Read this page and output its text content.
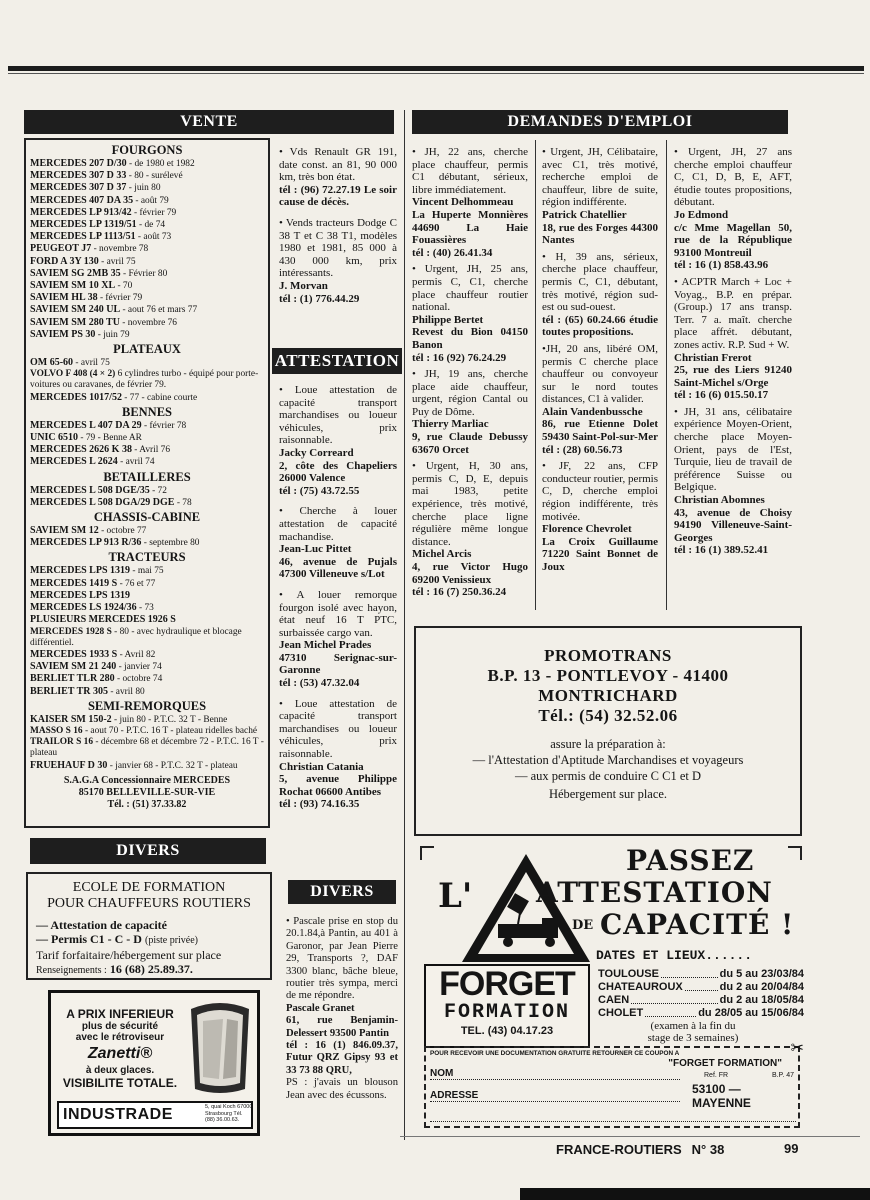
VENTE
FOURGONS
MERCEDES 207 D/30 - de 1980 et 1982
MERCEDES 307 D 33 - 80 - surélevé
MERCEDES 307 D 37 - juin 80
MERCEDES 407 DA 35 - août 79
MERCEDES LP 913/42 - février 79
MERCEDES LP 1319/51 - de 74
MERCEDES LP 1113/51 - août 73
PEUGEOT J7 - novembre 78
FORD A 3Y 130 - avril 75
SAVIEM SG 2MB 35 - Février 80
SAVIEM SM 10 XL - 70
SAVIEM HL 38 - février 79
SAVIEM SM 240 UL - aout 76 et mars 77
SAVIEM SM 280 TU - novembre 76
SAVIEM PS 30 - juin 79
PLATEAUX
OM 65-60 - avril 75
VOLVO F 408 (4 × 2) 6 cylindres turbo - équipé pour porte-voitures ou caravanes, de février 79.
MERCEDES 1017/52 - 77 - cabine courte
BENNES
MERCEDES L 407 DA 29 - février 78
UNIC 6510 - 79 - Benne AR
MERCEDES 2626 K 38 - Avril 76
MERCEDES L 2624 - avril 74
BETAILLERES
MERCEDES L 508 DGE/35 - 72
MERCEDES L 508 DGA/29 DGE - 78
CHASSIS-CABINE
SAVIEM SM 12 - octobre 77
MERCEDES LP 913 R/36 - septembre 80
TRACTEURS
MERCEDES LPS 1319 - mai 75
MERCEDES 1419 S - 76 et 77
MERCEDES LPS 1319
MERCEDES LS 1924/36 - 73
PLUSIEURS MERCEDES 1926 S
MERCEDES 1928 S - 80 - avec hydraulique et blocage différentiel.
MERCEDES 1933 S - Avril 82
SAVIEM SM 21 240 - janvier 74
BERLIET TLR 280 - octobre 74
BERLIET TR 305 - avril 80
SEMI-REMORQUES
KAISER SM 150-2 - juin 80 - P.T.C. 32 T - Benne
MASSO S 16 - aout 70 - P.T.C. 16 T - plateau ridelles baché
TRAILOR S 16 - décembre 68 et décembre 72 - P.T.C. 16 T - plateau
FRUEHAUF D 30 - janvier 68 - P.T.C. 32 T - plateau
S.A.G.A Concessionnaire MERCEDES
85170 BELLEVILLE-SUR-VIE
Tél. : (51) 37.33.82
• Vds Renault GR 191, date const. an 81, 90 000 km, très bon état.
tél : (96) 72.27.19 Le soir cause de décès.
• Vends tracteurs Dodge C 38 T et C 38 T1, modèles 1980 et 1981, 85 000 à 430 000 km, prix intéressants.
J. Morvan
tél : (1) 776.44.29
ATTESTATION
• Loue attestation de capacité transport marchandises ou loueur véhicules, prix raisonnable.
Jacky Correard
2, côte des Chapeliers 26000 Valence
tél : (75) 43.72.55
• Cherche à louer attestation de capacité machandise.
Jean-Luc Pittet
46, avenue de Pujals 47300 Villeneuve s/Lot
• A louer remorque fourgon isolé avec hayon, état neuf 16 T PTC, surbaissée cargo van.
Jean Michel Prades
47310 Serignac-sur-Garonne
tél : (53) 47.32.04
• Loue attestation de capacité transport marchandises ou loueur véhicules, prix raisonnable.
Christian Catania
5, avenue Philippe Rochat 06600 Antibes
tél : (93) 74.16.35
DIVERS
• Pascale prise en stop du 20.1.84,à Pantin, au 401 à Garonor, par Jean Pierre 29, Transports ?, DAF 3300 blanc, bâche bleue, routier très sympa, merci de me répondre.
Pascale Granet
61, rue Benjamin-Delessert 93500 Pantin
tél : 16 (1) 846.09.37, Futur QRZ Gipsy 93 et 33 73 88 QRU,
PS : j'avais un blouson Jean avec des écussons.
DEMANDES D'EMPLOI
• JH, 22 ans, cherche place chauffeur, permis C1 débutant, sérieux, libre immédiatement.
Vincent Delhommeau
La Huperte Monnières 44690 La Haie Fouassières
tél : (40) 26.41.34
• Urgent, JH, 25 ans, permis C, C1, cherche place chauffeur routier national.
Philippe Bertet
Revest du Bion 04150 Banon
tél : 16 (92) 76.24.29
• JH, 19 ans, cherche place aide chauffeur, urgent, région Cantal ou Puy de Dôme.
Thierry Marliac
9, rue Claude Debussy 63670 Orcet
• Urgent, H, 30 ans, permis C, D, E, depuis mai 1983, petite expérience, très motivé, cherche place ligne régulière même longue distance.
Michel Arcis
4, rue Victor Hugo 69200 Venissieux
tél : 16 (7) 250.36.24
• Urgent, JH, Célibataire, avec C1, très motivé, recherche emploi de chauffeur, libre de suite, région indifférente.
Patrick Chatellier
18, rue des Forges 44300 Nantes
• H, 39 ans, sérieux, cherche place chauffeur, permis C, C1, débutant, très motivé, région sud-est ou sud-ouest.
tél : (65) 60.24.66 étudie toutes propositions.
•JH, 20 ans, libéré OM, permis C cherche place chauffeur ou convoyeur sur le nord toutes distances, C1 à valider.
Alain Vandenbussche
86, rue Etienne Dolet 59430 Saint-Pol-sur-Mer
tél : (28) 60.56.73
• JF, 22 ans, CFP conducteur routier, permis C, D, cherche emploi région indifférente, très motivée.
Florence Chevrolet
La Croix Guillaume 71220 Saint Bonnet de Joux
• Urgent, JH, 27 ans cherche emploi chauffeur C, C1, D, B, E, AFT, étudie toutes propositions, débutant.
Jo Edmond
c/c Mme Magellan 50, rue de la République 93100 Montreuil
tél : 16 (1) 858.43.96
• ACPTR March + Loc + Voyag., B.P. en prépar. (Group.) 17 ans transp. Terr. 7 a. maît. cherche place affrét. débutant, zones activ. R.P. Sud + W.
Christian Frerot
25, rue des Liers 91240 Saint-Michel s/Orge
tél : 16 (6) 015.50.17
• JH, 31 ans, célibataire expérience Moyen-Orient, cherche place Moyen-Orient, pays de l'Est, Turquie, lieu de travail de préférence Suisse ou Belgique.
Christian Abomnes
43, avenue de Choisy 94190 Villeneuve-Saint-Georges
tél : 16 (1) 389.52.41
PROMOTRANS
B.P. 13 - PONTLEVOY - 41400
MONTRICHARD
Tél.: (54) 32.52.06
assure la préparation à:
— l'Attestation d'Aptitude Marchandises et voyageurs
— aux permis de conduire C C1 et D
Hébergement sur place.
DIVERS
ECOLE DE FORMATION
POUR CHAUFFEURS ROUTIERS
— Attestation de capacité
— Permis C1 - C - D (piste privée)
Tarif forfaitaire/hébergement sur place
Renseignements : 16 (68) 25.89.37.
A PRIX INFERIEUR
plus de sécurité
avec le rétroviseur
Zanetti®
à deux glaces.
VISIBILITE TOTALE.
INDUSTRADE	5, quai Koch 67000 Strasbourg Tél. (88) 36.00.63.
PASSEZ
L' ATTESTATION
DE CAPACITÉ !
FORGET
FORMATION
TEL. (43) 04.17.23
DATES ET LIEUX......
TOULOUSE	du 5 au 23/03/84
CHATEAUROUX	du 2 au 20/04/84
CAEN	du 2 au 18/05/84
CHOLET	du 28/05 au 15/06/84
(examen à la fin du
stage de 3 semaines)
POUR RECEVOIR UNE DOCUMENTATION GRATUITE RETOURNER CE COUPON A
"FORGET FORMATION"
✂
NOM
ADRESSE
Ref. FR	B.P. 47
53100 — MAYENNE
FRANCE-ROUTIERS N° 38	99
